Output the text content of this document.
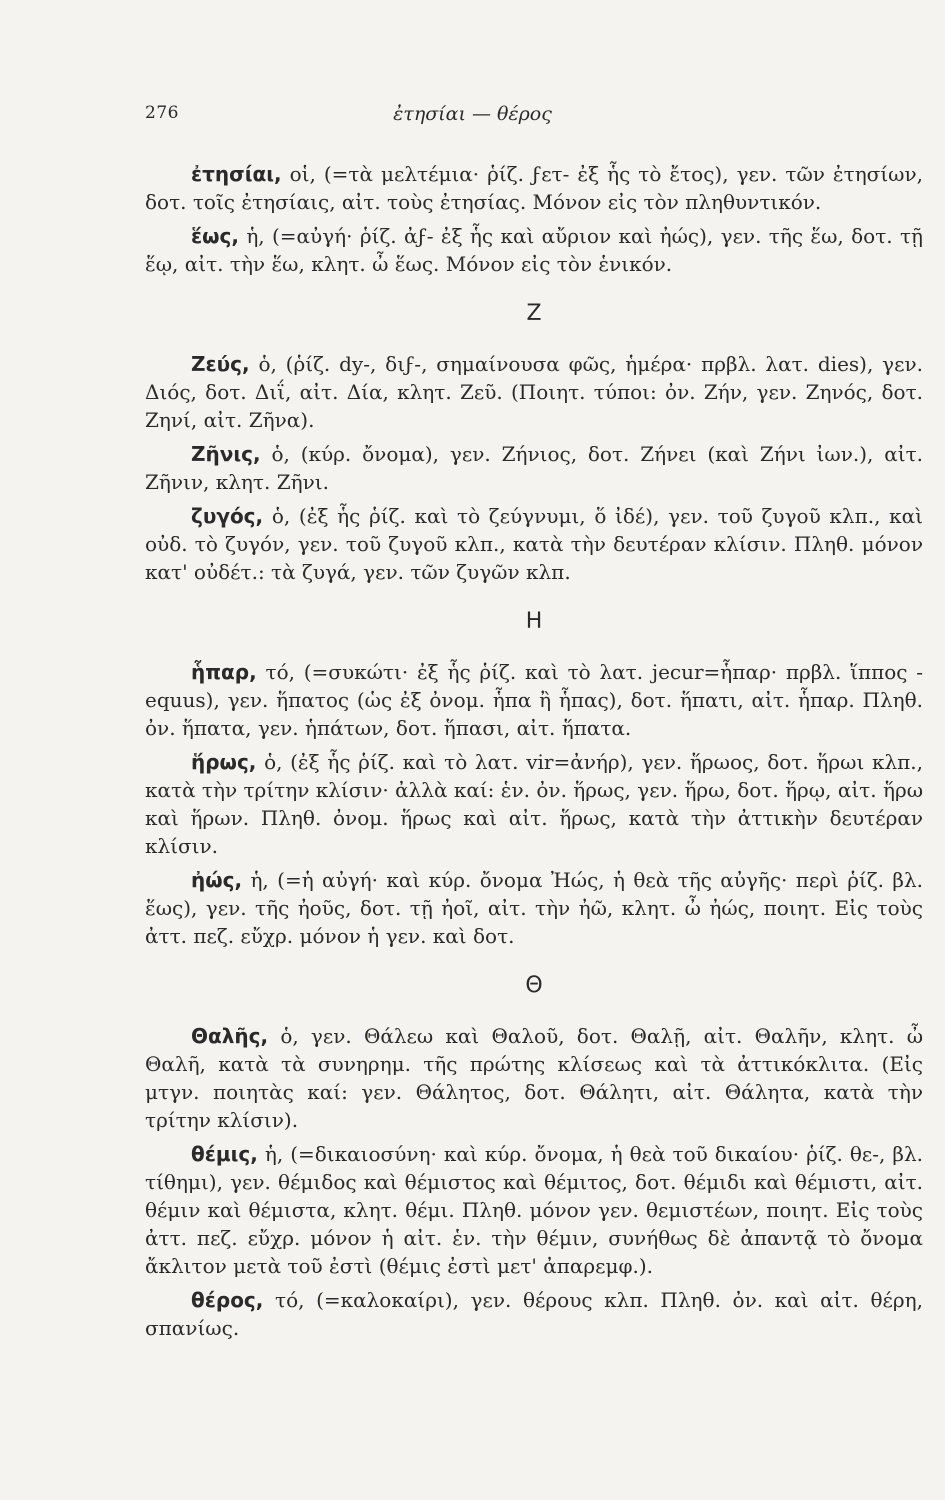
276	ἐτησίαι — θέρος

ἐτησίαι, οἱ, (=τὰ μελτέμια· ῥίζ. ϝετ- ἐξ ἧς τὸ ἔτος), γεν. τῶν ἐτησίων, δοτ. τοῖς ἐτησίαις, αἰτ. τοὺς ἐτησίας. Μόνον εἰς τὸν πληθυντικόν.

ἕως, ἡ, (=αὐγή· ῥίζ. ἀϝ- ἐξ ἧς καὶ αὔριον καὶ ἠώς), γεν. τῆς ἕω, δοτ. τῇ ἕῳ, αἰτ. τὴν ἕω, κλητ. ὦ ἕως. Μόνον εἰς τὸν ἑνικόν.

Ζ

Ζεύς, ὁ, (ῥίζ. dy-, διϝ-, σημαίνουσα φῶς, ἡμέρα· πρβλ. λατ. dies), γεν. Διός, δοτ. Διΐ, αἰτ. Δία, κλητ. Ζεῦ. (Ποιητ. τύποι: ὀν. Ζήν, γεν. Ζηνός, δοτ. Ζηνί, αἰτ. Ζῆνα).

Ζῆνις, ὁ, (κύρ. ὄνομα), γεν. Ζήνιος, δοτ. Ζήνει (καὶ Ζήνι ἰων.), αἰτ. Ζῆνιν, κλητ. Ζῆνι.

ζυγός, ὁ, (ἐξ ἧς ῥίζ. καὶ τὸ ζεύγνυμι, ὅ ἰδέ), γεν. τοῦ ζυγοῦ κλπ., καὶ οὐδ. τὸ ζυγόν, γεν. τοῦ ζυγοῦ κλπ., κατὰ τὴν δευτέραν κλίσιν. Πληθ. μόνον κατ' οὐδέτ.: τὰ ζυγά, γεν. τῶν ζυγῶν κλπ.

Η

ἧπαρ, τό, (=συκώτι· ἐξ ἧς ῥίζ. καὶ τὸ λατ. jecur=ἧπαρ· πρβλ. ἵππος - equus), γεν. ἥπατος (ὡς ἐξ ὀνομ. ἧπα ἢ ἧπας), δοτ. ἥπατι, αἰτ. ἧπαρ. Πληθ. ὀν. ἥπατα, γεν. ἡπάτων, δοτ. ἥπασι, αἰτ. ἥπατα.

ἥρως, ὁ, (ἐξ ἧς ῥίζ. καὶ τὸ λατ. vir=ἀνήρ), γεν. ἥρωος, δοτ. ἥρωι κλπ., κατὰ τὴν τρίτην κλίσιν· ἀλλὰ καί: ἑν. ὀν. ἥρως, γεν. ἥρω, δοτ. ἥρῳ, αἰτ. ἥρω καὶ ἥρων. Πληθ. ὀνομ. ἥρως καὶ αἰτ. ἥρως, κατὰ τὴν ἀττικὴν δευτέραν κλίσιν.

ἠώς, ἡ, (=ἡ αὐγή· καὶ κύρ. ὄνομα Ἠώς, ἡ θεὰ τῆς αὐγῆς· περὶ ῥίζ. βλ. ἕως), γεν. τῆς ἠοῦς, δοτ. τῇ ἠοῖ, αἰτ. τὴν ἠῶ, κλητ. ὦ ἠώς, ποιητ. Εἰς τοὺς ἀττ. πεζ. εὔχρ. μόνον ἡ γεν. καὶ δοτ.

Θ

Θαλῆς, ὁ, γεν. Θάλεω καὶ Θαλοῦ, δοτ. Θαλῇ, αἰτ. Θαλῆν, κλητ. ὦ Θαλῆ, κατὰ τὰ συνηρημ. τῆς πρώτης κλίσεως καὶ τὰ ἀττικόκλιτα. (Εἰς μτγν. ποιητὰς καί: γεν. Θάλητος, δοτ. Θάλητι, αἰτ. Θάλητα, κατὰ τὴν τρίτην κλίσιν).

θέμις, ἡ, (=δικαιοσύνη· καὶ κύρ. ὄνομα, ἡ θεὰ τοῦ δικαίου· ῥίζ. θε-, βλ. τίθημι), γεν. θέμιδος καὶ θέμιστος καὶ θέμιτος, δοτ. θέμιδι καὶ θέμιστι, αἰτ. θέμιν καὶ θέμιστα, κλητ. θέμι. Πληθ. μόνον γεν. θεμιστέων, ποιητ. Εἰς τοὺς ἀττ. πεζ. εὔχρ. μόνον ἡ αἰτ. ἑν. τὴν θέμιν, συνήθως δὲ ἀπαντᾷ τὸ ὄνομα ἄκλιτον μετὰ τοῦ ἐστὶ (θέμις ἐστὶ μετ' ἀπαρεμφ.).

θέρος, τό, (=καλοκαίρι), γεν. θέρους κλπ. Πληθ. ὀν. καὶ αἰτ. θέρη, σπανίως.
